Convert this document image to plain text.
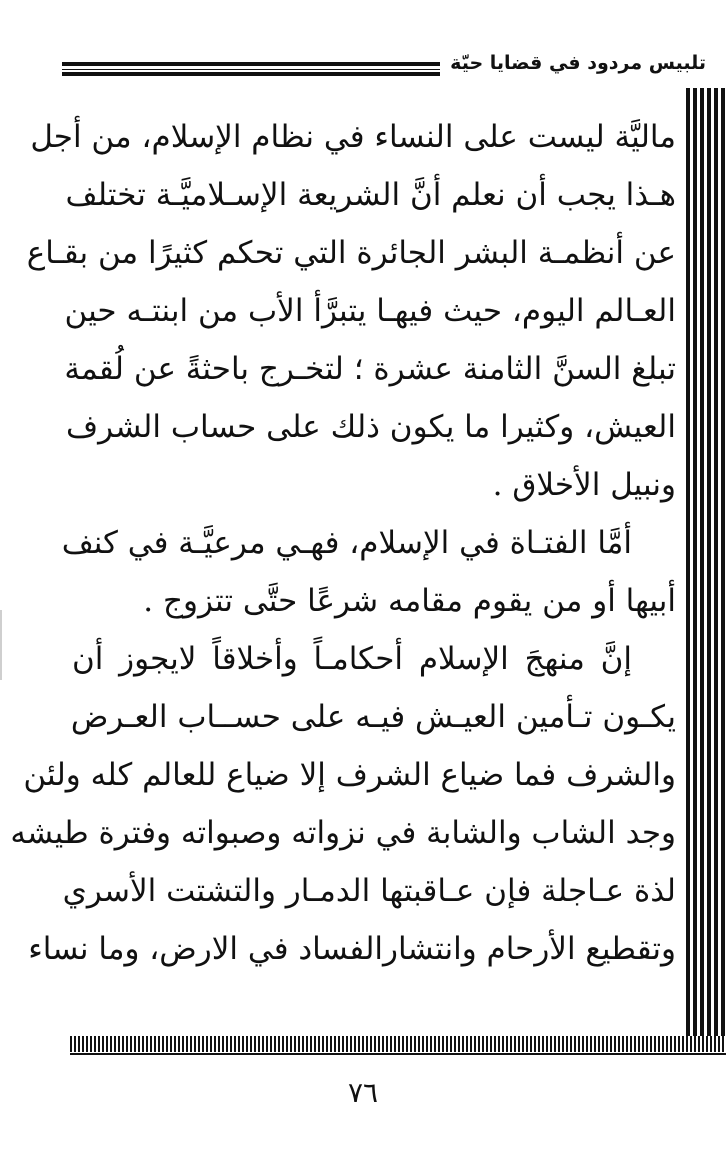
تلبيس مردود في قضايا حيّة
ماليَّة ليست على النساء في نظام الإسلام، من أجل
هـذا يجب أن نعلم أنَّ الشريعة الإسـلاميَّـة تختلف
عن أنظمـة البشر الجائرة التي تحكم كثيرًا من بقـاع
العـالم اليوم، حيث فيهـا يتبرَّأ الأب من ابنتـه حين
تبلغ السنَّ الثامنة عشرة ؛ لتخـرج باحثةً عن لُقمة
العيش، وكثيرا ما يكون ذلك على حساب الشرف
ونبيل الأخلاق .
أمَّا الفتـاة في الإسلام، فهـي مرعيَّـة في كنف
أبيها أو من يقوم مقامه شرعًا حتَّى تتزوج .
إنَّ منهجَ الإسلام أحكامـاً وأخلاقاً لايجوز أن
يكـون تـأمين العيـش فيـه على حســاب العـرض
والشرف فما ضياع الشرف إلا ضياع للعالم كله ولئن
وجد الشاب والشابة في نزواته وصبواته وفترة طيشه
لذة عـاجلة فإن عـاقبتها الدمـار والتشتت الأسري
وتقطيع الأرحام وانتشارالفساد في الارض، وما نساء
٧٦
